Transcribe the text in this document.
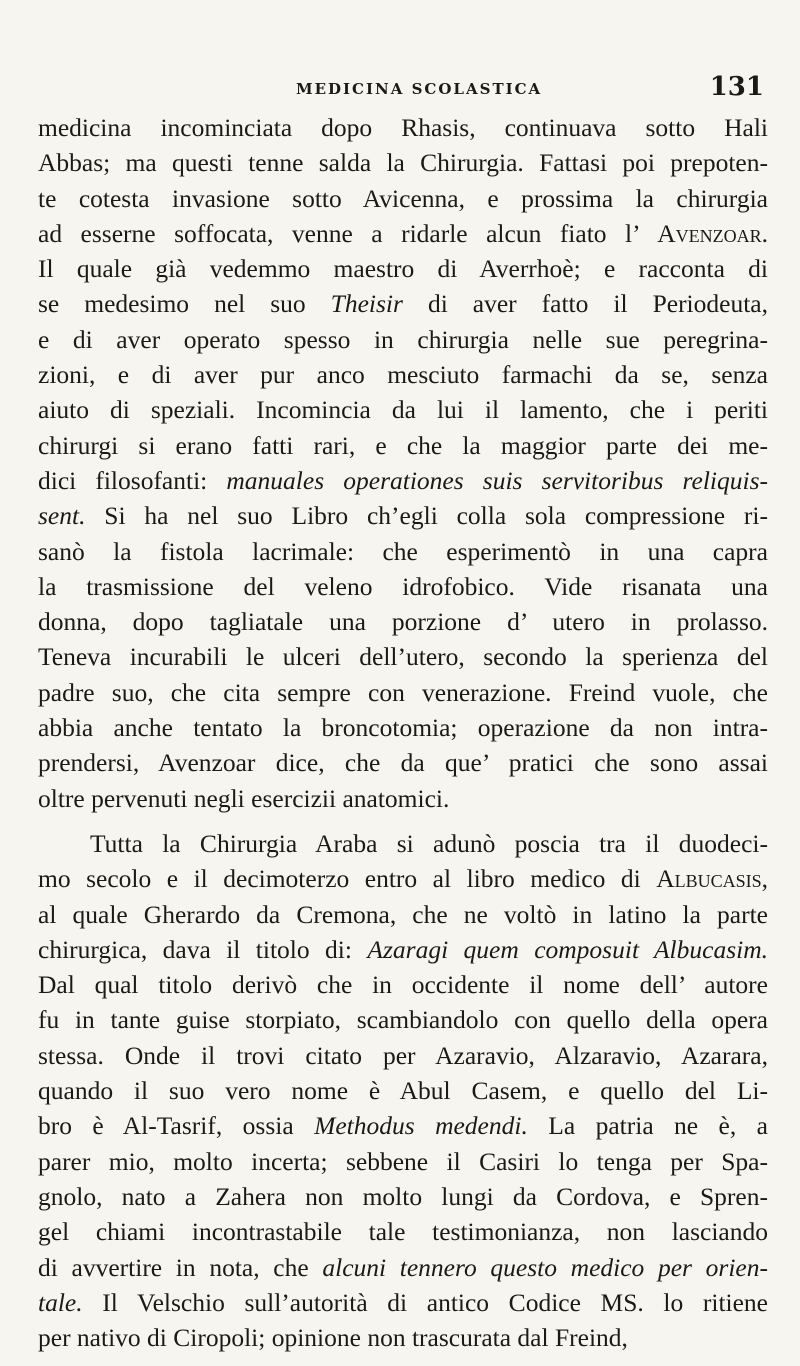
MEDICINA SCOLASTICA	131
medicina incominciata dopo Rhasis, continuava sotto Hali
Abbas; ma questi tenne salda la Chirurgia. Fattasi poi prepoten-
te cotesta invasione sotto Avicenna, e prossima la chirurgia
ad esserne soffocata, venne a ridarle alcun fiato l’ Avenzoar.
Il quale già vedemmo maestro di Averrhoè; e racconta di
se medesimo nel suo Theisir di aver fatto il Periodeuta,
e di aver operato spesso in chirurgia nelle sue peregrina-
zioni, e di aver pur anco mesciuto farmachi da se, senza
aiuto di speziali. Incomincia da lui il lamento, che i periti
chirurgi si erano fatti rari, e che la maggior parte dei me-
dici filosofanti: manuales operationes suis servitoribus reliquis-
sent. Si ha nel suo Libro ch’egli colla sola compressione ri-
sanò la fistola lacrimale: che esperimentò in una capra
la trasmissione del veleno idrofobico. Vide risanata una
donna, dopo tagliatale una porzione d’ utero in prolasso.
Teneva incurabili le ulceri dell’utero, secondo la sperienza del
padre suo, che cita sempre con venerazione. Freind vuole, che
abbia anche tentato la broncotomia; operazione da non intra-
prendersi, Avenzoar dice, che da que’ pratici che sono assai
oltre pervenuti negli esercizii anatomici.
Tutta la Chirurgia Araba si adunò poscia tra il duodeci-
mo secolo e il decimoterzo entro al libro medico di Albucasis,
al quale Gherardo da Cremona, che ne voltò in latino la parte
chirurgica, dava il titolo di: Azaragi quem composuit Albucasim.
Dal qual titolo derivò che in occidente il nome dell’ autore
fu in tante guise storpiato, scambiandolo con quello della opera
stessa. Onde il trovi citato per Azaravio, Alzaravio, Azarara,
quando il suo vero nome è Abul Casem, e quello del Li-
bro è Al-Tasrif, ossia Methodus medendi. La patria ne è, a
parer mio, molto incerta; sebbene il Casiri lo tenga per Spa-
gnolo, nato a Zahera non molto lungi da Cordova, e Spren-
gel chiami incontrastabile tale testimonianza, non lasciando
di avvertire in nota, che alcuni tennero questo medico per orien-
tale. Il Velschio sull’autorità di antico Codice MS. lo ritiene
per nativo di Ciropoli; opinione non trascurata dal Freind,
